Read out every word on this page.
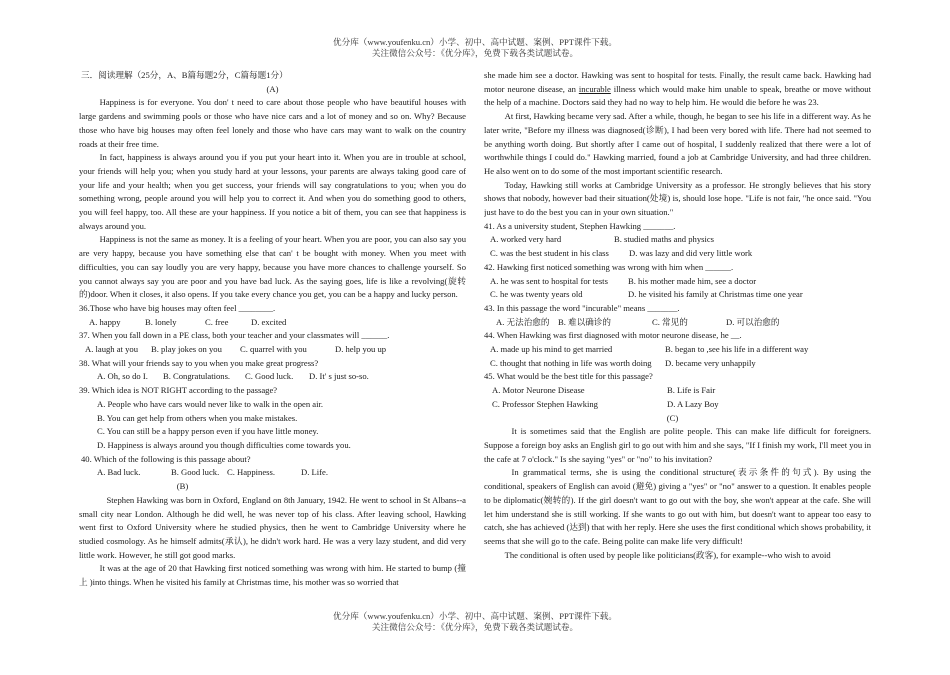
优分库（www.youfenku.cn）小学、初中、高中试题、案例、PPT课件下载。
关注微信公众号：《优分库》，免费下载各类试题试卷。

三．阅读理解（25分，A、B篇每题2分，C篇每题1分）

(A)

Happiness is for everyone. You don' t need to care about those people who have beautiful houses with large gardens and swimming pools or those who have nice cars and a lot of money and so on. Why? Because those who have big houses may often feel lonely and those who have cars may want to walk on the country roads at their free time.

In fact, happiness is always around you if you put your heart into it. When you are in trouble at school, your friends will help you; when you study hard at your lessons, your parents are always taking good care of your life and your health; when you get success, your friends will say congratulations to you; when you do something wrong, people around you will help you to correct it. And when you do something good to others, you will feel happy, too. All these are your happiness. If you notice a bit of them, you can see that happiness is always around you.

Happiness is not the same as money. It is a feeling of your heart. When you are poor, you can also say you are very happy, because you have something else that can' t be bought with money. When you meet with difficulties, you can say loudly you are very happy, because you have more chances to challenge yourself. So you cannot always say you are poor and you have bad luck. As the saying goes, life is like a revolving(旋转的)door. When it closes, it also opens. If you take every chance you get, you can be a happy and lucky person.

36.Those who have big houses may often feel ________.

A. happy	B. lonely	C. free	D. excited

37. When you fall down in a PE class, both your teacher and your classmates will ______.

A. laugh at you	B. play jokes on you	C. quarrel with you	D. help you up

38. What will your friends say to you when you make great progress?

A. Oh, so do I.	B. Congratulations.	C. Good luck.	D. It' s just so-so.

39. Which idea is NOT RIGHT according to the passage?

A. People who have cars would never like to walk in the open air.
B. You can get help from others when you make mistakes.
C. You can still be a happy person even if you have little money.
D. Happiness is always around you though difficulties come towards you.

40. Which of the following is this passage about?

A. Bad luck.	B. Good luck. C. Happiness.	D. Life.

(B)

Stephen Hawking was born in Oxford, England on 8th January, 1942. He went to school in St Albans--a small city near London. Although he did well, he was never top of his class. After leaving school, Hawking went first to Oxford University where he studied physics, then he went to Cambridge University where he studied cosmology. As he himself admits(承认), he didn't work hard. He was a very lazy student, and did very little work. However, he still got good marks.

It was at the age of 20 that Hawking first noticed something was wrong with him. He started to bump (撞上 )into things. When he visited his family at Christmas time, his mother was so worried that

she made him see a doctor. Hawking was sent to hospital for tests. Finally, the result came back. Hawking had motor neurone disease, an incurable illness which would make him unable to speak, breathe or move without the help of a machine. Doctors said they had no way to help him. He would die before he was 23.

At first, Hawking became very sad. After a while, though, he began to see his life in a different way. As he later write, "Before my illness was diagnosed(诊断), I had been very bored with life. There had not seemed to be anything worth doing. But shortly after I came out of hospital, I suddenly realized that there were a lot of worthwhile things I could do." Hawking married, found a job at Cambridge University, and had three children. He also went on to do some of the most important scientific research.

Today, Hawking still works at Cambridge University as a professor. He strongly believes that his story shows that nobody, however bad their situation(处境) is, should lose hope. "Life is not fair, "he once said. "You just have to do the best you can in your own situation."

41. As a university student, Stephen Hawking _______.

A. worked very hard	B. studied maths and physics
C. was the best student in his class	D. was lazy and did very little work

42. Hawking first noticed something was wrong with him when ______.

A. he was sent to hospital for tests	B. his mother made him, see a doctor
C. he was twenty years old	D. he visited his family at Christmas time one year

43. In this passage the word "incurable" means _______.

A. 无法治愈的 B. 难以确诊的	C. 常见的	D. 可以治愈的

44. When Hawking was first diagnosed with motor neurone disease, he __.

A. made up his mind to get married	B. began to ,see his life in a different way
C. thought that nothing in life was worth doing	D. became very unhappily

45. What would be the best title for this passage?

A. Motor Neurone Disease	B. Life is Fair
C. Professor Stephen Hawking	D. A Lazy Boy

(C)

It is sometimes said that the English are polite people. This can make life difficult for foreigners. Suppose a foreign boy asks an English girl to go out with him and she says, "If I finish my work, I'll meet you in the cafe at 7 o'clock." Is she saying "yes" or "no" to his invitation?

In grammatical terms, she is using the conditional structure(表示条件的句式). By using the conditional, speakers of English can avoid (避免) giving a "yes" or "no" answer to a question. It enables people to be diplomatic(婉转的). If the girl doesn't want to go out with the boy, she won't appear at the cafe. She will let him understand she is still working. If she wants to go out with him, but doesn't want to appear too easy to catch, she has achieved (达到) that with her reply. Here she uses the first conditional which shows probability, it seems that she will go to the cafe. Being polite can make life very difficult!

The conditional is often used by people like politicians(政客), for example--who wish to avoid

优分库（www.youfenku.cn）小学、初中、高中试题、案例、PPT课件下载。
关注微信公众号：《优分库》，免费下载各类试题试卷。
